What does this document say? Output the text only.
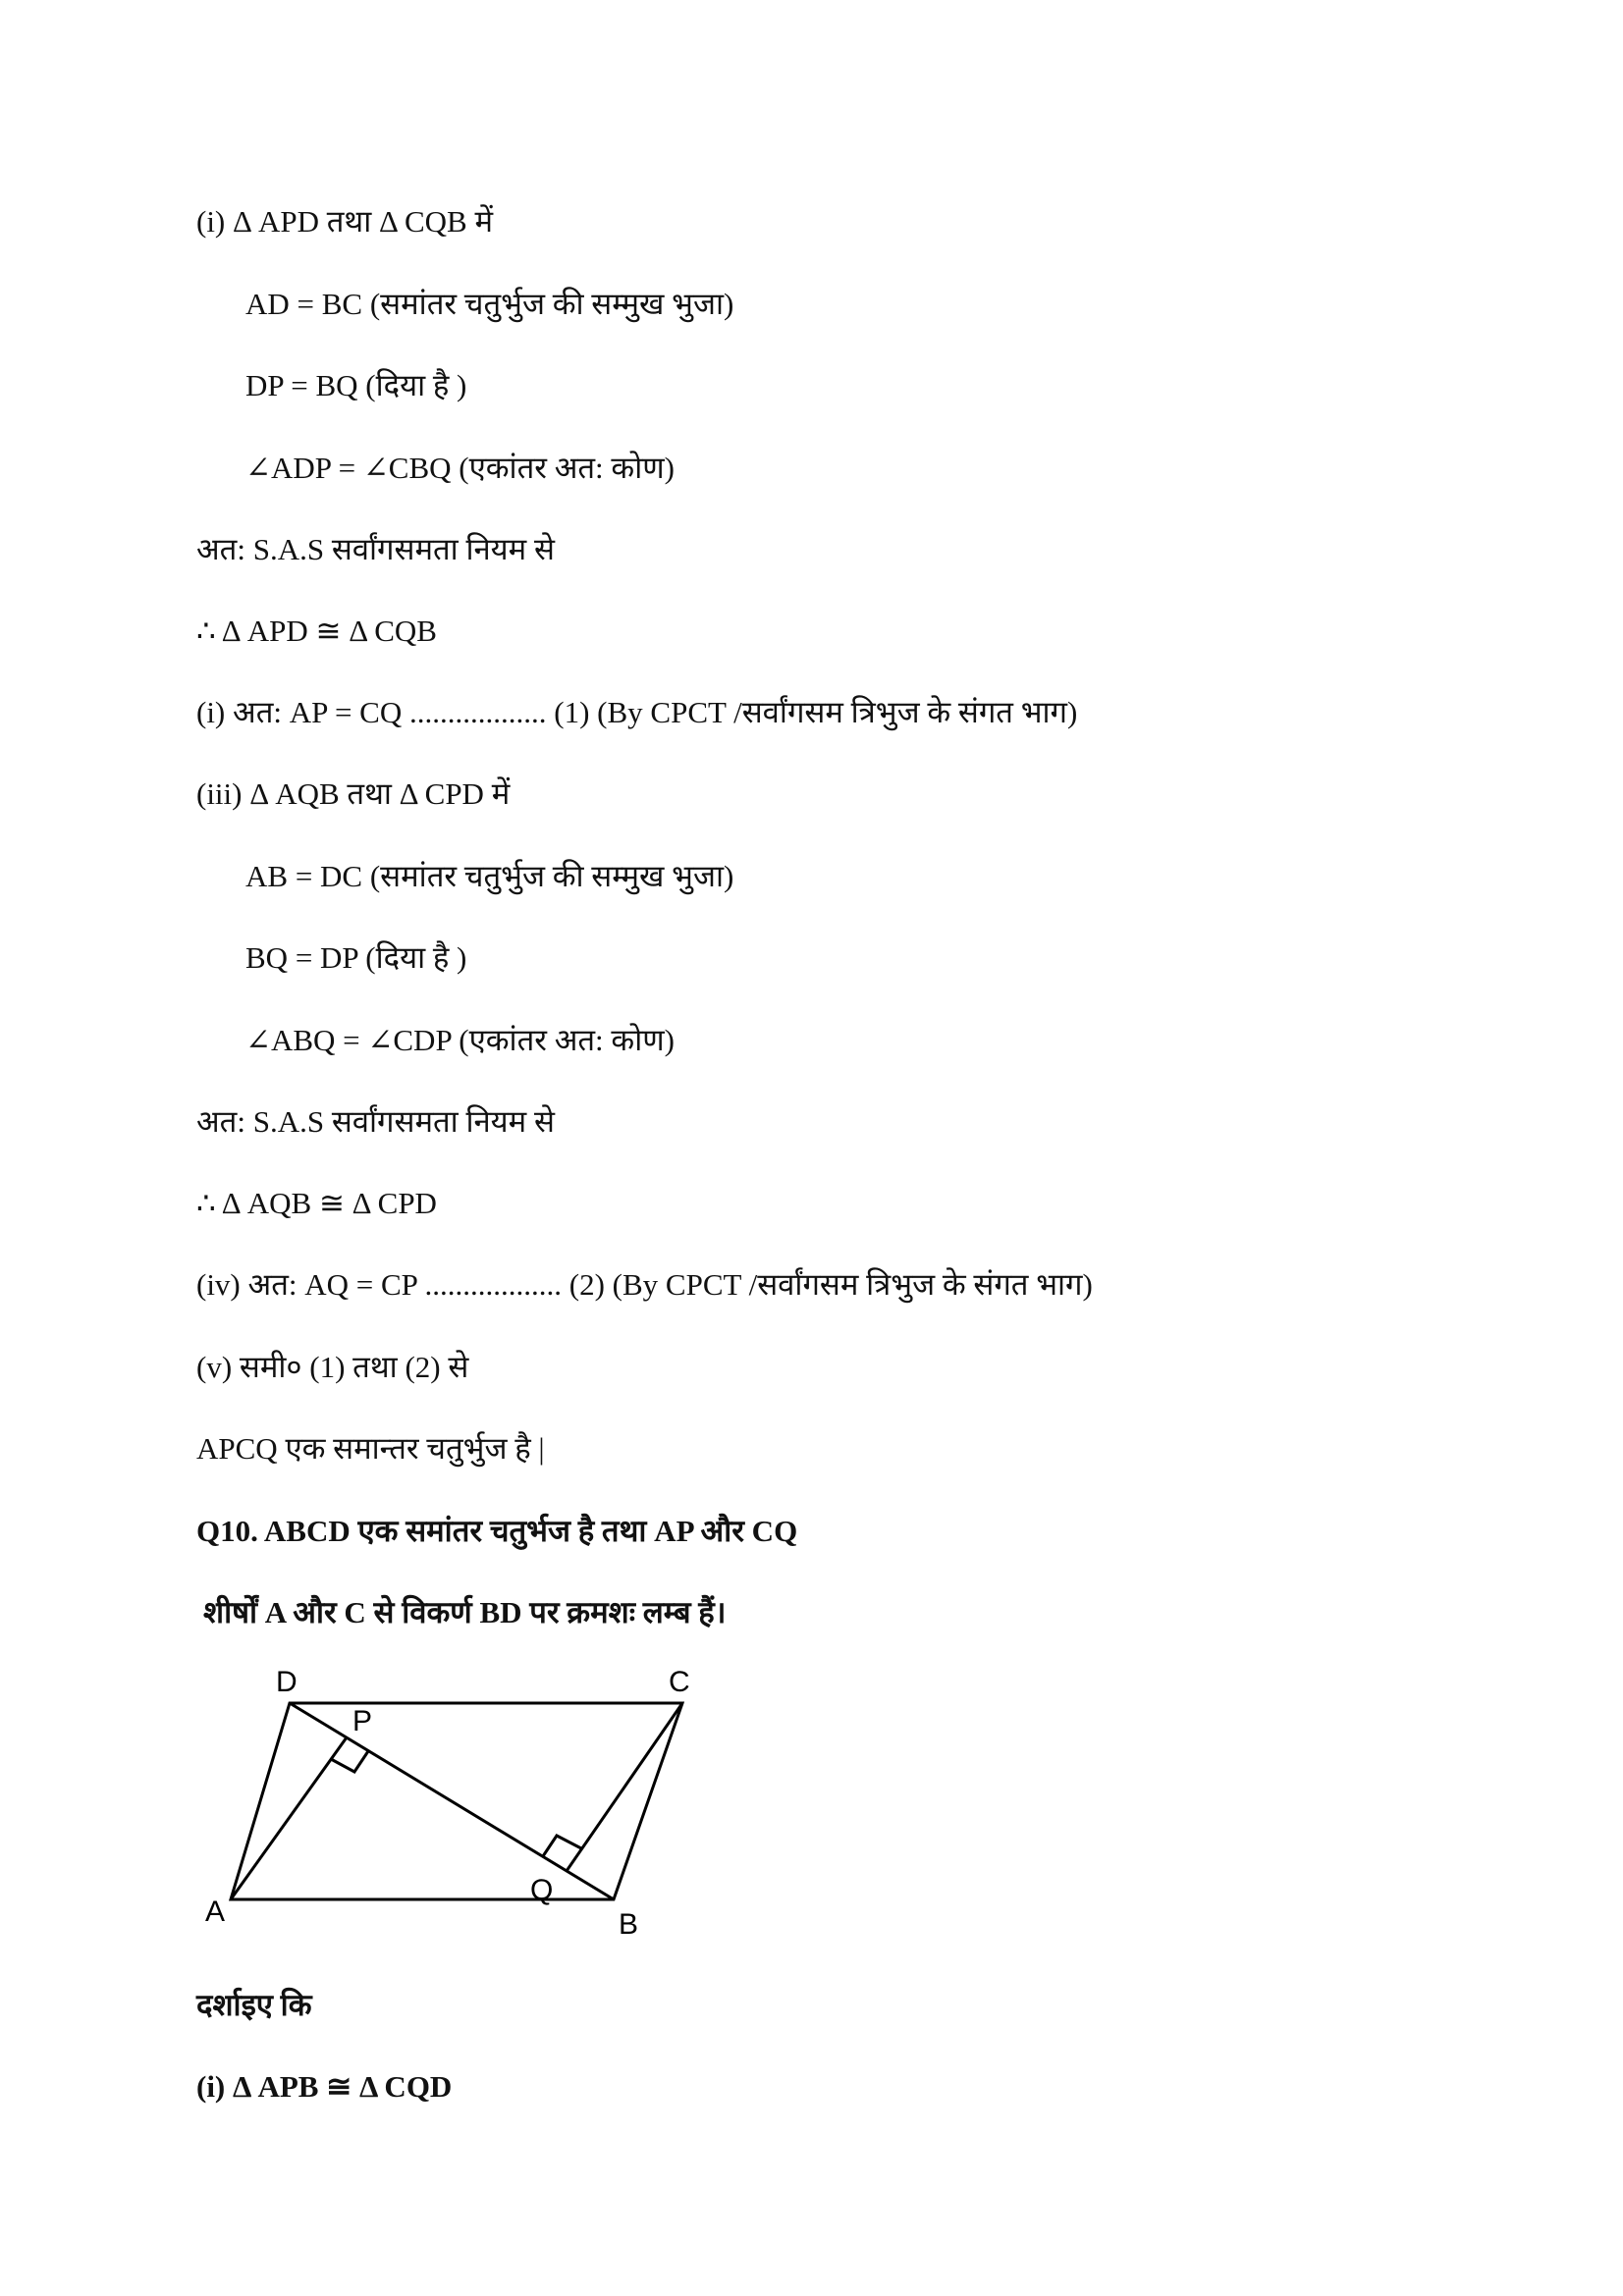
(i) Δ APD तथा Δ CQB में
AD = BC (समांतर चतुर्भुज की सम्मुख भुजा)
DP = BQ (दिया है )
∠ADP = ∠CBQ (एकांतर अत: कोण)
अत: S.A.S सर्वांगसमता नियम से
∴ Δ APD ≅ Δ CQB
(i) अत: AP = CQ .................. (1) (By CPCT /सर्वांगसम त्रिभुज के संगत भाग)
(iii) Δ AQB तथा Δ CPD में
AB = DC (समांतर चतुर्भुज की सम्मुख भुजा)
BQ = DP (दिया है )
∠ABQ = ∠CDP (एकांतर अत: कोण)
अत: S.A.S सर्वांगसमता नियम से
∴ Δ AQB ≅ Δ CPD
(iv) अत: AQ = CP .................. (2) (By CPCT /सर्वांगसम त्रिभुज के संगत भाग)
(v) समी० (1) तथा (2) से
APCQ एक समान्तर चतुर्भुज है |
Q10. ABCD एक समांतर चतुर्भज है तथा AP और CQ
शीर्षों A और C से विकर्ण BD पर क्रमशः लम्ब हैं।
D	C
P
Q
A	B
दर्शाइए कि
(i) Δ APB ≅ Δ CQD
